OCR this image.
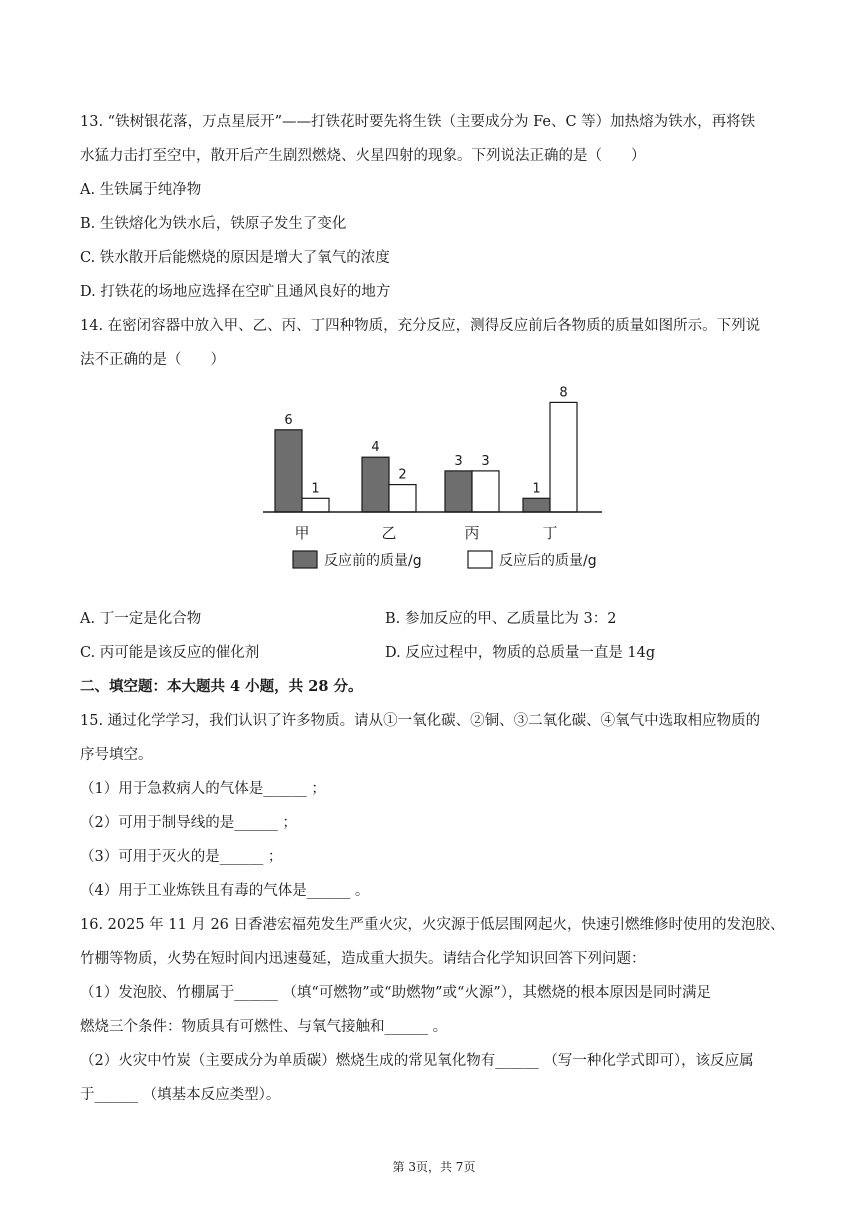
13. “铁树银花落，万点星辰开”——打铁花时要先将生铁（主要成分为 Fe、C 等）加热熔为铁水，再将铁
水猛力击打至空中，散开后产生剧烈燃烧、火星四射的现象。下列说法正确的是（　　）
A. 生铁属于纯净物
B. 生铁熔化为铁水后，铁原子发生了变化
C. 铁水散开后能燃烧的原因是增大了氧气的浓度
D. 打铁花的场地应选择在空旷且通风良好的地方
14. 在密闭容器中放入甲、乙、丙、丁四种物质，充分反应，测得反应前后各物质的质量如图所示。下列说
法不正确的是（　　）
6
1
甲
4
2
乙
3 3
丙
1
8
丁
反应前的质量/g	反应后的质量/g
A. 丁一定是化合物	B. 参加反应的甲、乙质量比为 3：2
C. 丙可能是该反应的催化剂	D. 反应过程中，物质的总质量一直是 14g
二、填空题：本大题共 4 小题，共 28 分。
15. 通过化学学习，我们认识了许多物质。请从①一氧化碳、②铜、③二氧化碳、④氧气中选取相应物质的
序号填空。
（1）用于急救病人的气体是______ ；
（2）可用于制导线的是______ ；
（3）可用于灭火的是______ ；
（4）用于工业炼铁且有毒的气体是______ 。
16. 2025 年 11 月 26 日香港宏福苑发生严重火灾，火灾源于低层围网起火，快速引燃维修时使用的发泡胶、
竹棚等物质，火势在短时间内迅速蔓延，造成重大损失。请结合化学知识回答下列问题：
（1）发泡胶、竹棚属于______ （填“可燃物”或“助燃物”或“火源”），其燃烧的根本原因是同时满足
燃烧三个条件：物质具有可燃性、与氧气接触和______ 。
（2）火灾中竹炭（主要成分为单质碳）燃烧生成的常见氧化物有______ （写一种化学式即可），该反应属
于______ （填基本反应类型）。
第 3页，共 7页
